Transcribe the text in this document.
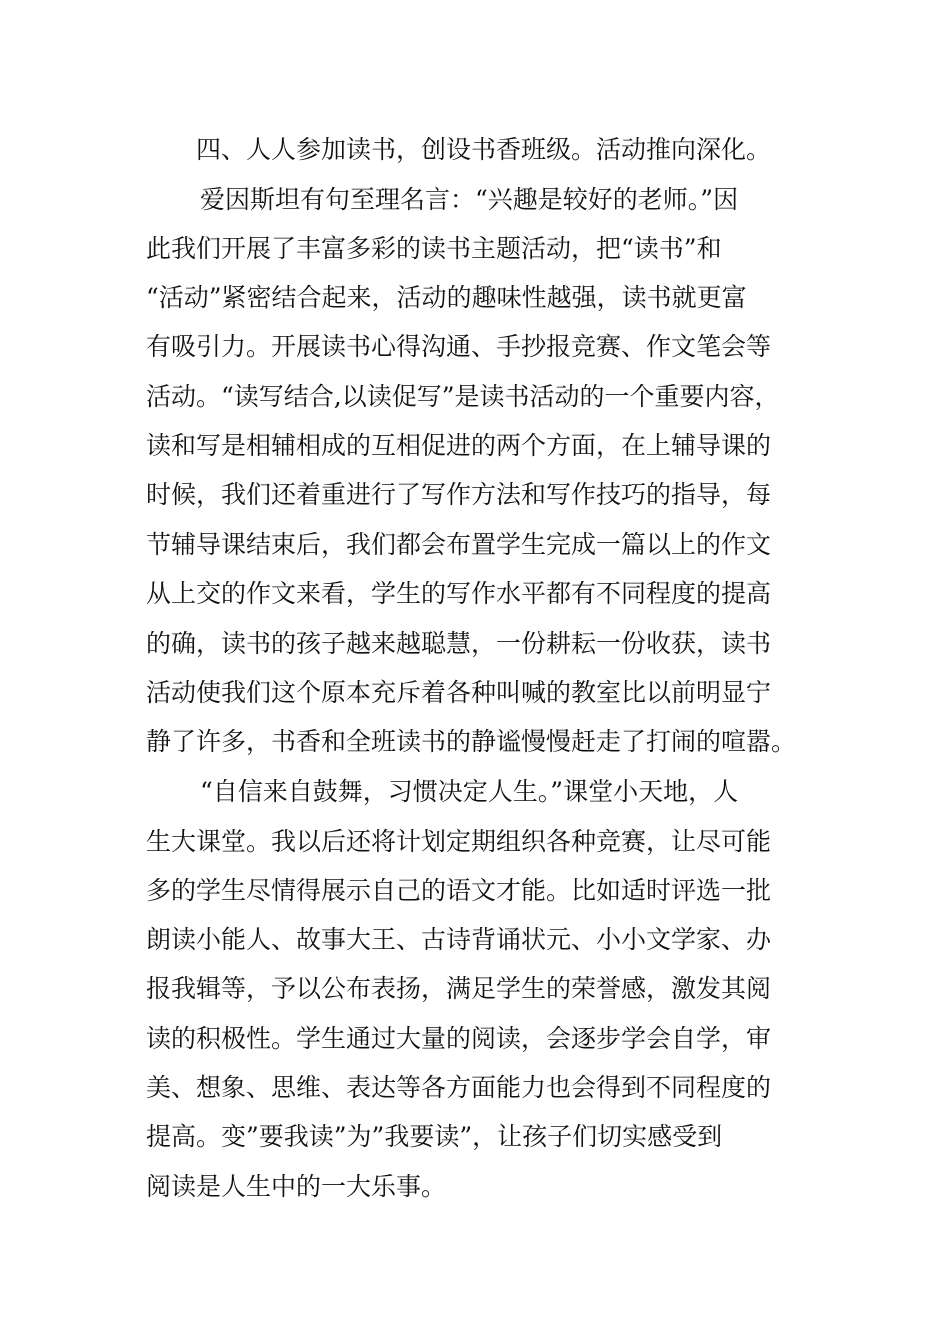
四、人人参加读书，创设书香班级。活动推向深化。
爱因斯坦有句至理名言：“兴趣是较好的老师。”因
此我们开展了丰富多彩的读书主题活动，把“读书”和
“活动”紧密结合起来，活动的趣味性越强，读书就更富
有吸引力。开展读书心得沟通、手抄报竞赛、作文笔会等
活动。“读写结合,以读促写”是读书活动的一个重要内容，
读和写是相辅相成的互相促进的两个方面，在上辅导课的
时候，我们还着重进行了写作方法和写作技巧的指导，每
节辅导课结束后，我们都会布置学生完成一篇以上的作文
从上交的作文来看，学生的写作水平都有不同程度的提高
的确，读书的孩子越来越聪慧，一份耕耘一份收获，读书
活动使我们这个原本充斥着各种叫喊的教室比以前明显宁
静了许多，书香和全班读书的静谧慢慢赶走了打闹的喧嚣。
“自信来自鼓舞，习惯决定人生。”课堂小天地，人
生大课堂。我以后还将计划定期组织各种竞赛，让尽可能
多的学生尽情得展示自己的语文才能。比如适时评选一批
朗读小能人、故事大王、古诗背诵状元、小小文学家、办
报我辑等，予以公布表扬，满足学生的荣誉感，激发其阅
读的积极性。学生通过大量的阅读，会逐步学会自学，审
美、想象、思维、表达等各方面能力也会得到不同程度的
提高。变”要我读”为”我要读”，让孩子们切实感受到
阅读是人生中的一大乐事。
